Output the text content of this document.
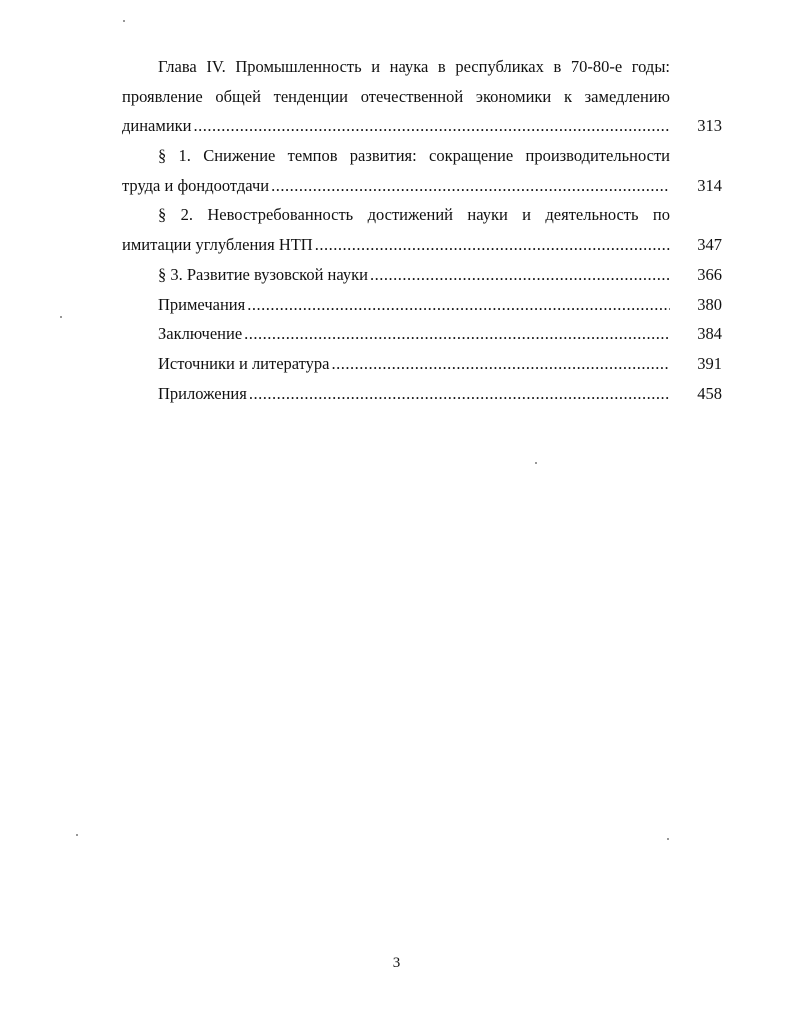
Глава IV. Промышленность и наука в республиках в 70-80-е годы:
проявление общей тенденции отечественной экономики к замедлению
динамики .....	313
§ 1. Снижение темпов развития: сокращение производительности
труда и фондоотдачи .....	314
§ 2. Невостребованность достижений науки и деятельность по
имитации углубления НТП .....	347
§ 3. Развитие вузовской науки .....	366
Примечания .....	380
Заключение .....	384
Источники и литература .....	391
Приложения .....	458
3
